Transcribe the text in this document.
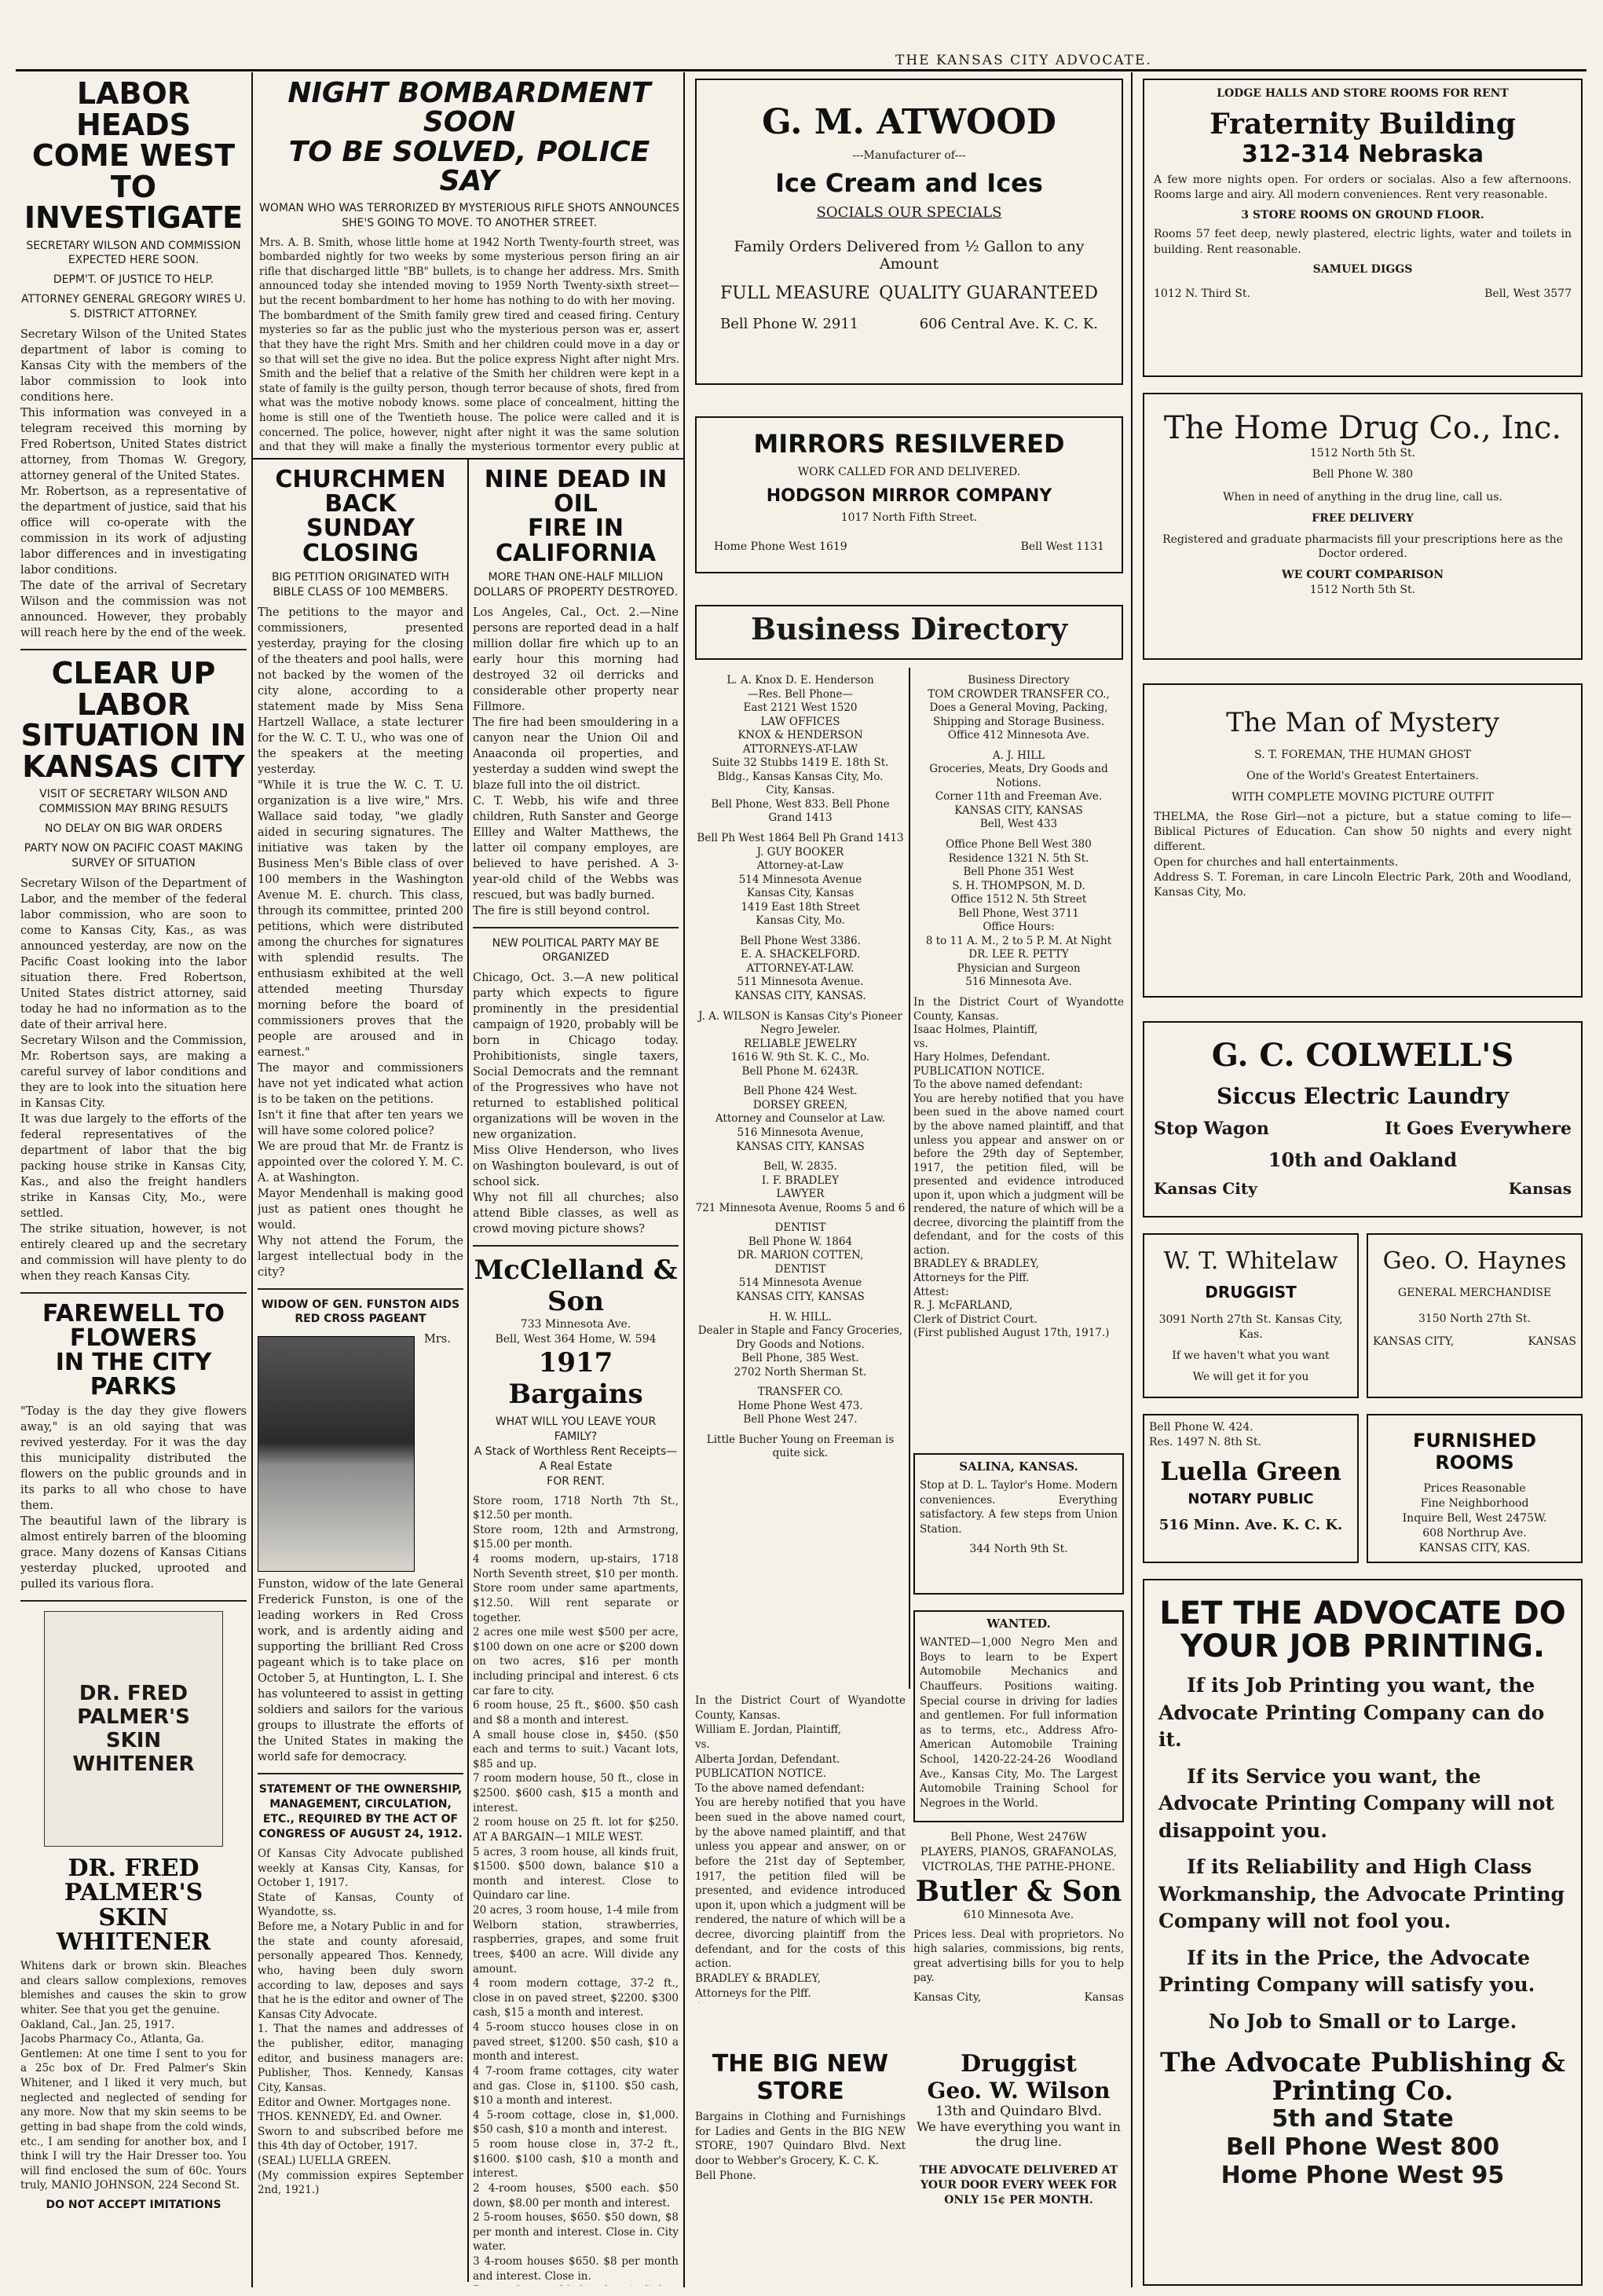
THE KANSAS CITY ADVOCATE.
LABOR HEADS
COME WEST TO
INVESTIGATE
SECRETARY WILSON AND COMMISSION EXPECTED HERE SOON.
DEPM'T. OF JUSTICE TO HELP.
ATTORNEY GENERAL GREGORY WIRES U. S. DISTRICT ATTORNEY.
Secretary Wilson of the United States department of labor is coming to Kansas City with the members of the labor commission to look into conditions here.
This information was conveyed in a telegram received this morning by Fred Robertson, United States district attorney, from Thomas W. Gregory, attorney general of the United States.
Mr. Robertson, as a representative of the department of justice, said that his office will co-operate with the commission in its work of adjusting labor differences and in investigating labor conditions.
The date of the arrival of Secretary Wilson and the commission was not announced. However, they probably will reach here by the end of the week.
CLEAR UP LABOR
SITUATION IN
KANSAS CITY
VISIT OF SECRETARY WILSON AND COMMISSION MAY BRING RESULTS
NO DELAY ON BIG WAR ORDERS
PARTY NOW ON PACIFIC COAST MAKING SURVEY OF SITUATION
Secretary Wilson of the Department of Labor, and the member of the federal labor commission, who are soon to come to Kansas City, Kas., as was announced yesterday, are now on the Pacific Coast looking into the labor situation there. Fred Robertson, United States district attorney, said today he had no information as to the date of their arrival here.
Secretary Wilson and the Commission, Mr. Robertson says, are making a careful survey of labor conditions and they are to look into the situation here in Kansas City.
It was due largely to the efforts of the federal representatives of the department of labor that the big packing house strike in Kansas City, Kas., and also the freight handlers strike in Kansas City, Mo., were settled.
The strike situation, however, is not entirely cleared up and the secretary and commission will have plenty to do when they reach Kansas City.
FAREWELL TO FLOWERS
IN THE CITY PARKS
"Today is the day they give flowers away," is an old saying that was revived yesterday. For it was the day this municipality distributed the flowers on the public grounds and in its parks to all who chose to have them.
The beautiful lawn of the library is almost entirely barren of the blooming grace. Many dozens of Kansas Citians yesterday plucked, uprooted and pulled its various flora.
DR. FRED PALMER'S
SKIN WHITENER
DR. FRED PALMER'S
SKIN
WHITENER
Whitens dark or brown skin. Bleaches and clears sallow complexions, removes blemishes and causes the skin to grow whiter. See that you get the genuine.
Oakland, Cal., Jan. 25, 1917.
Jacobs Pharmacy Co., Atlanta, Ga.
Gentlemen: At one time I sent to you for a 25c box of Dr. Fred Palmer's Skin Whitener, and I liked it very much, but neglected and neglected of sending for any more. Now that my skin seems to be getting in bad shape from the cold winds, etc., I am sending for another box, and I think I will try the Hair Dresser too. You will find enclosed the sum of 60c. Yours truly, MANIO JOHNSON, 224 Second St.
DO NOT ACCEPT IMITATIONS
NIGHT BOMBARDMENT SOON
TO BE SOLVED, POLICE SAY
WOMAN WHO WAS TERRORIZED BY MYSTERIOUS RIFLE SHOTS ANNOUNCES SHE'S GOING TO MOVE. TO ANOTHER STREET.
Mrs. A. B. Smith, whose little home at 1942 North Twenty-fourth street, was bombarded nightly for two weeks by some mysterious person firing an air rifle that discharged little "BB" bullets, is to change her address. Mrs. Smith announced today she intended moving to 1959 North Twenty-sixth street—but the recent bombardment to her home has nothing to do with her moving.
The bombardment of the Smith family grew tired and ceased firing. Century mysteries so far as the public just who the mysterious person was er, assert that they have the right Mrs. Smith and her children could move in a day or so that will set the give no idea. But the police express Night after night Mrs. Smith and the belief that a relative of the Smith her children were kept in a state of family is the guilty person, though terror because of shots, fired from what was the motive nobody knows. some place of concealment, hitting the home is still one of the Twentieth house. The police were called and it is concerned. The police, however, night after night it was the same solution and that they will make a finally the mysterious tormentor every public at
CHURCHMEN BACK
SUNDAY CLOSING
BIG PETITION ORIGINATED WITH BIBLE CLASS OF 100 MEMBERS.
The petitions to the mayor and commissioners, presented yesterday, praying for the closing of the theaters and pool halls, were not backed by the women of the city alone, according to a statement made by Miss Sena Hartzell Wallace, a state lecturer for the W. C. T. U., who was one of the speakers at the meeting yesterday.
"While it is true the W. C. T. U. organization is a live wire," Mrs. Wallace said today, "we gladly aided in securing signatures. The initiative was taken by the Business Men's Bible class of over 100 members in the Washington Avenue M. E. church. This class, through its committee, printed 200 petitions, which were distributed among the churches for signatures with splendid results. The enthusiasm exhibited at the well attended meeting Thursday morning before the board of commissioners proves that the people are aroused and in earnest."
The mayor and commissioners have not yet indicated what action is to be taken on the petitions.
Isn't it fine that after ten years we will have some colored police?
We are proud that Mr. de Frantz is appointed over the colored Y. M. C. A. at Washington.
Mayor Mendenhall is making good just as patient ones thought he would.
Why not attend the Forum, the largest intellectual body in the city?
WIDOW OF GEN. FUNSTON AIDS RED CROSS PAGEANT
Mrs. Funston, widow of the late General Frederick Funston, is one of the leading workers in Red Cross work, and is ardently aiding and supporting the brilliant Red Cross pageant which is to take place on October 5, at Huntington, L. I. She has volunteered to assist in getting soldiers and sailors for the various groups to illustrate the efforts of the United States in making the world safe for democracy.
STATEMENT OF THE OWNERSHIP, MANAGEMENT, CIRCULATION, ETC., REQUIRED BY THE ACT OF CONGRESS OF AUGUST 24, 1912.
Of Kansas City Advocate published weekly at Kansas City, Kansas, for October 1, 1917.
State of Kansas, County of Wyandotte, ss.
Before me, a Notary Public in and for the state and county aforesaid, personally appeared Thos. Kennedy, who, having been duly sworn according to law, deposes and says that he is the editor and owner of The Kansas City Advocate.
1. That the names and addresses of the publisher, editor, managing editor, and business managers are: Publisher, Thos. Kennedy, Kansas City, Kansas.
Editor and Owner. Mortgages none.
THOS. KENNEDY, Ed. and Owner.
Sworn to and subscribed before me this 4th day of October, 1917.
(SEAL) LUELLA GREEN.
(My commission expires September 2nd, 1921.)
NINE DEAD IN OIL
FIRE IN CALIFORNIA
MORE THAN ONE-HALF MILLION DOLLARS OF PROPERTY DESTROYED.
Los Angeles, Cal., Oct. 2.—Nine persons are reported dead in a half million dollar fire which up to an early hour this morning had destroyed 32 oil derricks and considerable other property near Fillmore.
The fire had been smouldering in a canyon near the Union Oil and Anaaconda oil properties, and yesterday a sudden wind swept the blaze full into the oil district.
C. T. Webb, his wife and three children, Ruth Sanster and George Ellley and Walter Matthews, the latter oil company employes, are believed to have perished. A 3-year-old child of the Webbs was rescued, but was badly burned.
The fire is still beyond control.
NEW POLITICAL PARTY MAY BE ORGANIZED
Chicago, Oct. 3.—A new political party which expects to figure prominently in the presidential campaign of 1920, probably will be born in Chicago today. Prohibitionists, single taxers, Social Democrats and the remnant of the Progressives who have not returned to established political organizations will be woven in the new organization.
Miss Olive Henderson, who lives on Washington boulevard, is out of school sick.
Why not fill all churches; also attend Bible classes, as well as crowd moving picture shows?
McClelland & Son
733 Minnesota Ave.
Bell, West 364 Home, W. 594
1917 Bargains
WHAT WILL YOU LEAVE YOUR FAMILY?
A Stack of Worthless Rent Receipts—
A Real Estate
FOR RENT.
Store room, 1718 North 7th St., $12.50 per month.
Store room, 12th and Armstrong, $15.00 per month.
4 rooms modern, up-stairs, 1718 North Seventh street, $10 per month. Store room under same apartments, $12.50. Will rent separate or together.
2 acres one mile west $500 per acre, $100 down on one acre or $200 down on two acres, $16 per month including principal and interest. 6 cts car fare to city.
6 room house, 25 ft., $600. $50 cash and $8 a month and interest.
A small house close in, $450. ($50 each and terms to suit.) Vacant lots, $85 and up.
7 room modern house, 50 ft., close in $2500. $600 cash, $15 a month and interest.
2 room house on 25 ft. lot for $250. AT A BARGAIN—1 MILE WEST.
5 acres, 3 room house, all kinds fruit, $1500. $500 down, balance $10 a month and interest. Close to Quindaro car line.
20 acres, 3 room house, 1-4 mile from Welborn station, strawberries, raspberries, grapes, and some fruit trees, $400 an acre. Will divide any amount.
4 room modern cottage, 37-2 ft., close in on paved street, $2200. $300 cash, $15 a month and interest.
4 5-room stucco houses close in on paved street, $1200. $50 cash, $10 a month and interest.
4 7-room frame cottages, city water and gas. Close in, $1100. $50 cash, $10 a month and interest.
4 5-room cottage, close in, $1,000. $50 cash, $10 a month and interest.
5 room house close in, 37-2 ft., $1600. $100 cash, $10 a month and interest.
2 4-room houses, $500 each. $50 down, $8.00 per month and interest.
2 5-room houses, $650. $50 down, $8 per month and interest. Close in. City water.
3 4-room houses $650. $8 per month and interest. Close in.

G. M. ATWOOD
---Manufacturer of---
Ice Cream and Ices
SOCIALS OUR SPECIALS
Family Orders Delivered from ½ Gallon to any Amount
FULL MEASURE QUALITY GUARANTEED
Bell Phone W. 2911	606 Central Ave. K. C. K.
MIRRORS RESILVERED
WORK CALLED FOR AND DELIVERED.
HODGSON MIRROR COMPANY
1017 North Fifth Street.
Home Phone West 1619	Bell West 1131
Business Directory
L. A. Knox D. E. Henderson
—Res. Bell Phone—
East 2121 West 1520
LAW OFFICES
KNOX & HENDERSON
ATTORNEYS-AT-LAW
Suite 32 Stubbs 1419 E. 18th St. Bldg., Kansas Kansas City, Mo.
City, Kansas.
Bell Phone, West 833. Bell Phone Grand 1413
Bell Ph West 1864 Bell Ph Grand 1413
J. GUY BOOKER
Attorney-at-Law
514 Minnesota Avenue
Kansas City, Kansas
1419 East 18th Street
Kansas City, Mo.
Bell Phone West 3386.
E. A. SHACKELFORD.
ATTORNEY-AT-LAW.
511 Minnesota Avenue.
KANSAS CITY, KANSAS.
J. A. WILSON is Kansas City's Pioneer Negro Jeweler.
RELIABLE JEWELRY
1616 W. 9th St. K. C., Mo.
Bell Phone M. 6243R.
Bell Phone 424 West.
DORSEY GREEN,
Attorney and Counselor at Law.
516 Minnesota Avenue,
KANSAS CITY, KANSAS
Bell, W. 2835.
I. F. BRADLEY
LAWYER
721 Minnesota Avenue, Rooms 5 and 6
DENTIST
Bell Phone W. 1864
DR. MARION COTTEN,
DENTIST
514 Minnesota Avenue
KANSAS CITY, KANSAS
H. W. HILL.
Dealer in Staple and Fancy Groceries, Dry Goods and Notions.
Bell Phone, 385 West.
2702 North Sherman St.
TRANSFER CO.
Home Phone West 473.
Bell Phone West 247.
Little Bucher Young on Freeman is quite sick.
Business Directory
TOM CROWDER TRANSFER CO.,
Does a General Moving, Packing, Shipping and Storage Business.
Office 412 Minnesota Ave.
A. J. HILL
Groceries, Meats, Dry Goods and Notions.
Corner 11th and Freeman Ave.
KANSAS CITY, KANSAS
Bell, West 433
Office Phone Bell West 380
Residence 1321 N. 5th St.
Bell Phone 351 West
S. H. THOMPSON, M. D.
Office 1512 N. 5th Street
Bell Phone, West 3711
Office Hours:
8 to 11 A. M., 2 to 5 P. M. At Night
DR. LEE R. PETTY
Physician and Surgeon
516 Minnesota Ave.
In the District Court of Wyandotte County, Kansas.
Isaac Holmes, Plaintiff,
vs.
Hary Holmes, Defendant.
PUBLICATION NOTICE.
To the above named defendant:
You are hereby notified that you have been sued in the above named court by the above named plaintiff, and that unless you appear and answer on or before the 29th day of September, 1917, the petition filed, will be presented and evidence introduced upon it, upon which a judgment will be rendered, the nature of which will be a decree, divorcing the plaintiff from the defendant, and for the costs of this action.
BRADLEY & BRADLEY,
Attorneys for the Plff.
Attest:
R. J. McFARLAND,
Clerk of District Court.
(First published August 17th, 1917.)
SALINA, KANSAS.
Stop at D. L. Taylor's Home. Modern conveniences. Everything satisfactory. A few steps from Union Station.
344 North 9th St.
In the District Court of Wyandotte County, Kansas.
William E. Jordan, Plaintiff,
vs.
Alberta Jordan, Defendant.
PUBLICATION NOTICE.
To the above named defendant:
You are hereby notified that you have been sued in the above named court, by the above named plaintiff, and that unless you appear and answer, on or before the 21st day of September, 1917, the petition filed will be presented, and evidence introduced upon it, upon which a judgment will be rendered, the nature of which will be a decree, divorcing plaintiff from the defendant, and for the costs of this action.
BRADLEY & BRADLEY,
Attorneys for the Plff.

WANTED.
WANTED—1,000 Negro Men and Boys to learn to be Expert Automobile Mechanics and Chauffeurs. Positions waiting. Special course in driving for ladies and gentlemen. For full information as to terms, etc., Address Afro-American Automobile Training School, 1420-22-24-26 Woodland Ave., Kansas City, Mo. The Largest Automobile Training School for Negroes in the World.
Bell Phone, West 2476W
PLAYERS, PIANOS, GRAFANOLAS, VICTROLAS, THE PATHE-PHONE.
Butler & Son
610 Minnesota Ave.
Prices less. Deal with proprietors. No high salaries, commissions, big rents, great advertising bills for you to help pay.
Kansas City,	Kansas
THE BIG NEW STORE
Bargains in Clothing and Furnishings for Ladies and Gents in the BIG NEW STORE, 1907 Quindaro Blvd. Next door to Webber's Grocery, K. C. K.
Bell Phone.
Druggist
Geo. W. Wilson
13th and Quindaro Blvd.
We have everything you want in the drug line.
THE ADVOCATE DELIVERED AT YOUR DOOR EVERY WEEK FOR ONLY 15¢ PER MONTH.
LODGE HALLS AND STORE ROOMS FOR RENT
Fraternity Building
312-314 Nebraska
A few more nights open. For orders or socialas. Also a few afternoons. Rooms large and airy. All modern conveniences. Rent very reasonable.
3 STORE ROOMS ON GROUND FLOOR.
Rooms 57 feet deep, newly plastered, electric lights, water and toilets in building. Rent reasonable.
SAMUEL DIGGS
1012 N. Third St.	Bell, West 3577
The Home Drug Co., Inc.
1512 North 5th St.
Bell Phone W. 380
When in need of anything in the drug line, call us.
FREE DELIVERY
Registered and graduate pharmacists fill your prescriptions here as the Doctor ordered.
WE COURT COMPARISON
1512 North 5th St.
The Man of Mystery
S. T. FOREMAN, THE HUMAN GHOST
One of the World's Greatest Entertainers.
WITH COMPLETE MOVING PICTURE OUTFIT
THELMA, the Rose Girl—not a picture, but a statue coming to life—Biblical Pictures of Education. Can show 50 nights and every night different.
Open for churches and hall entertainments.
Address S. T. Foreman, in care Lincoln Electric Park, 20th and Woodland, Kansas City, Mo.
G. C. COLWELL'S
Siccus Electric Laundry
Stop Wagon	It Goes Everywhere
10th and Oakland
Kansas City	Kansas
W. T. Whitelaw
DRUGGIST
3091 North 27th St. Kansas City, Kas.
If we haven't what you want
We will get it for you
Geo. O. Haynes
GENERAL MERCHANDISE
3150 North 27th St.
KANSAS CITY,	KANSAS
Bell Phone W. 424.
Res. 1497 N. 8th St.
Luella Green
NOTARY PUBLIC
516 Minn. Ave. K. C. K.
FURNISHED ROOMS
Prices Reasonable
Fine Neighborhood
Inquire Bell, West 2475W.
608 Northrup Ave.
KANSAS CITY, KAS.
LET THE ADVOCATE DO
YOUR JOB PRINTING.
If its Job Printing you want, the Advocate Printing Company can do it.
If its Service you want, the Advocate Printing Company will not disappoint you.
If its Reliability and High Class Workmanship, the Advocate Printing Company will not fool you.
If its in the Price, the Advocate Printing Company will satisfy you.
No Job to Small or to Large.
The Advocate Publishing &
Printing Co.
5th and State
Bell Phone West 800
Home Phone West 95
